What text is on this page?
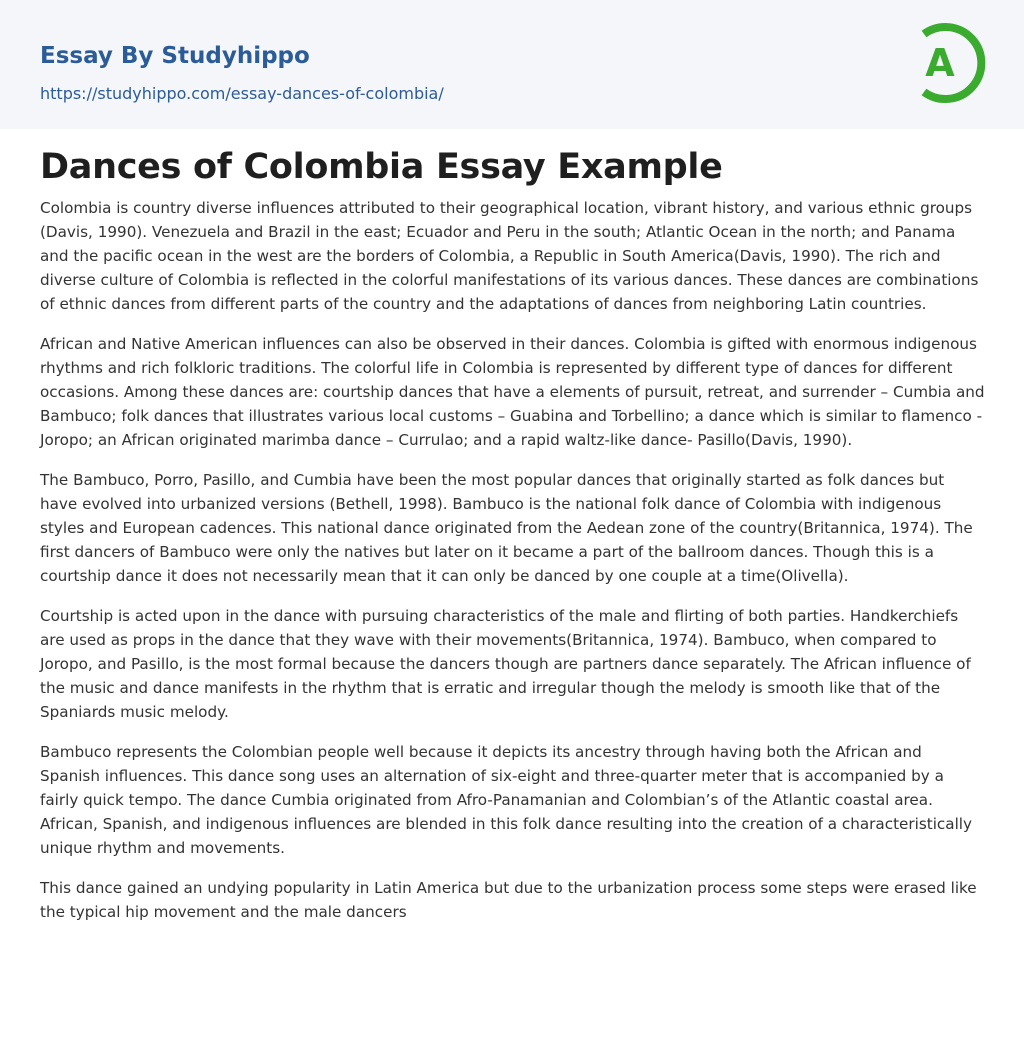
Essay By Studyhippo
https://studyhippo.com/essay-dances-of-colombia/
A
Dances of Colombia Essay Example

Colombia is country diverse influences attributed to their geographical location, vibrant history, and various ethnic groups (Davis, 1990). Venezuela and Brazil in the east; Ecuador and Peru in the south; Atlantic Ocean in the north; and Panama and the pacific ocean in the west are the borders of Colombia, a Republic in South America(Davis, 1990). The rich and diverse culture of Colombia is reflected in the colorful manifestations of its various dances. These dances are combinations of ethnic dances from different parts of the country and the adaptations of dances from neighboring Latin countries.

African and Native American influences can also be observed in their dances. Colombia is gifted with enormous indigenous rhythms and rich folkloric traditions. The colorful life in Colombia is represented by different type of dances for different occasions. Among these dances are: courtship dances that have a elements of pursuit, retreat, and surrender – Cumbia and Bambuco; folk dances that illustrates various local customs – Guabina and Torbellino; a dance which is similar to flamenco - Joropo; an African originated marimba dance – Currulao; and a rapid waltz-like dance- Pasillo(Davis, 1990).

The Bambuco, Porro, Pasillo, and Cumbia have been the most popular dances that originally started as folk dances but have evolved into urbanized versions (Bethell, 1998). Bambuco is the national folk dance of Colombia with indigenous styles and European cadences. This national dance originated from the Aedean zone of the country(Britannica, 1974). The first dancers of Bambuco were only the natives but later on it became a part of the ballroom dances. Though this is a courtship dance it does not necessarily mean that it can only be danced by one couple at a time(Olivella).

Courtship is acted upon in the dance with pursuing characteristics of the male and flirting of both parties. Handkerchiefs are used as props in the dance that they wave with their movements(Britannica, 1974). Bambuco, when compared to Joropo, and Pasillo, is the most formal because the dancers though are partners dance separately. The African influence of the music and dance manifests in the rhythm that is erratic and irregular though the melody is smooth like that of the Spaniards music melody.

Bambuco represents the Colombian people well because it depicts its ancestry through having both the African and Spanish influences. This dance song uses an alternation of six-eight and three-quarter meter that is accompanied by a fairly quick tempo. The dance Cumbia originated from Afro-Panamanian and Colombian’s of the Atlantic coastal area. African, Spanish, and indigenous influences are blended in this folk dance resulting into the creation of a characteristically unique rhythm and movements.

This dance gained an undying popularity in Latin America but due to the urbanization process some steps were erased like the typical hip movement and the male dancers
